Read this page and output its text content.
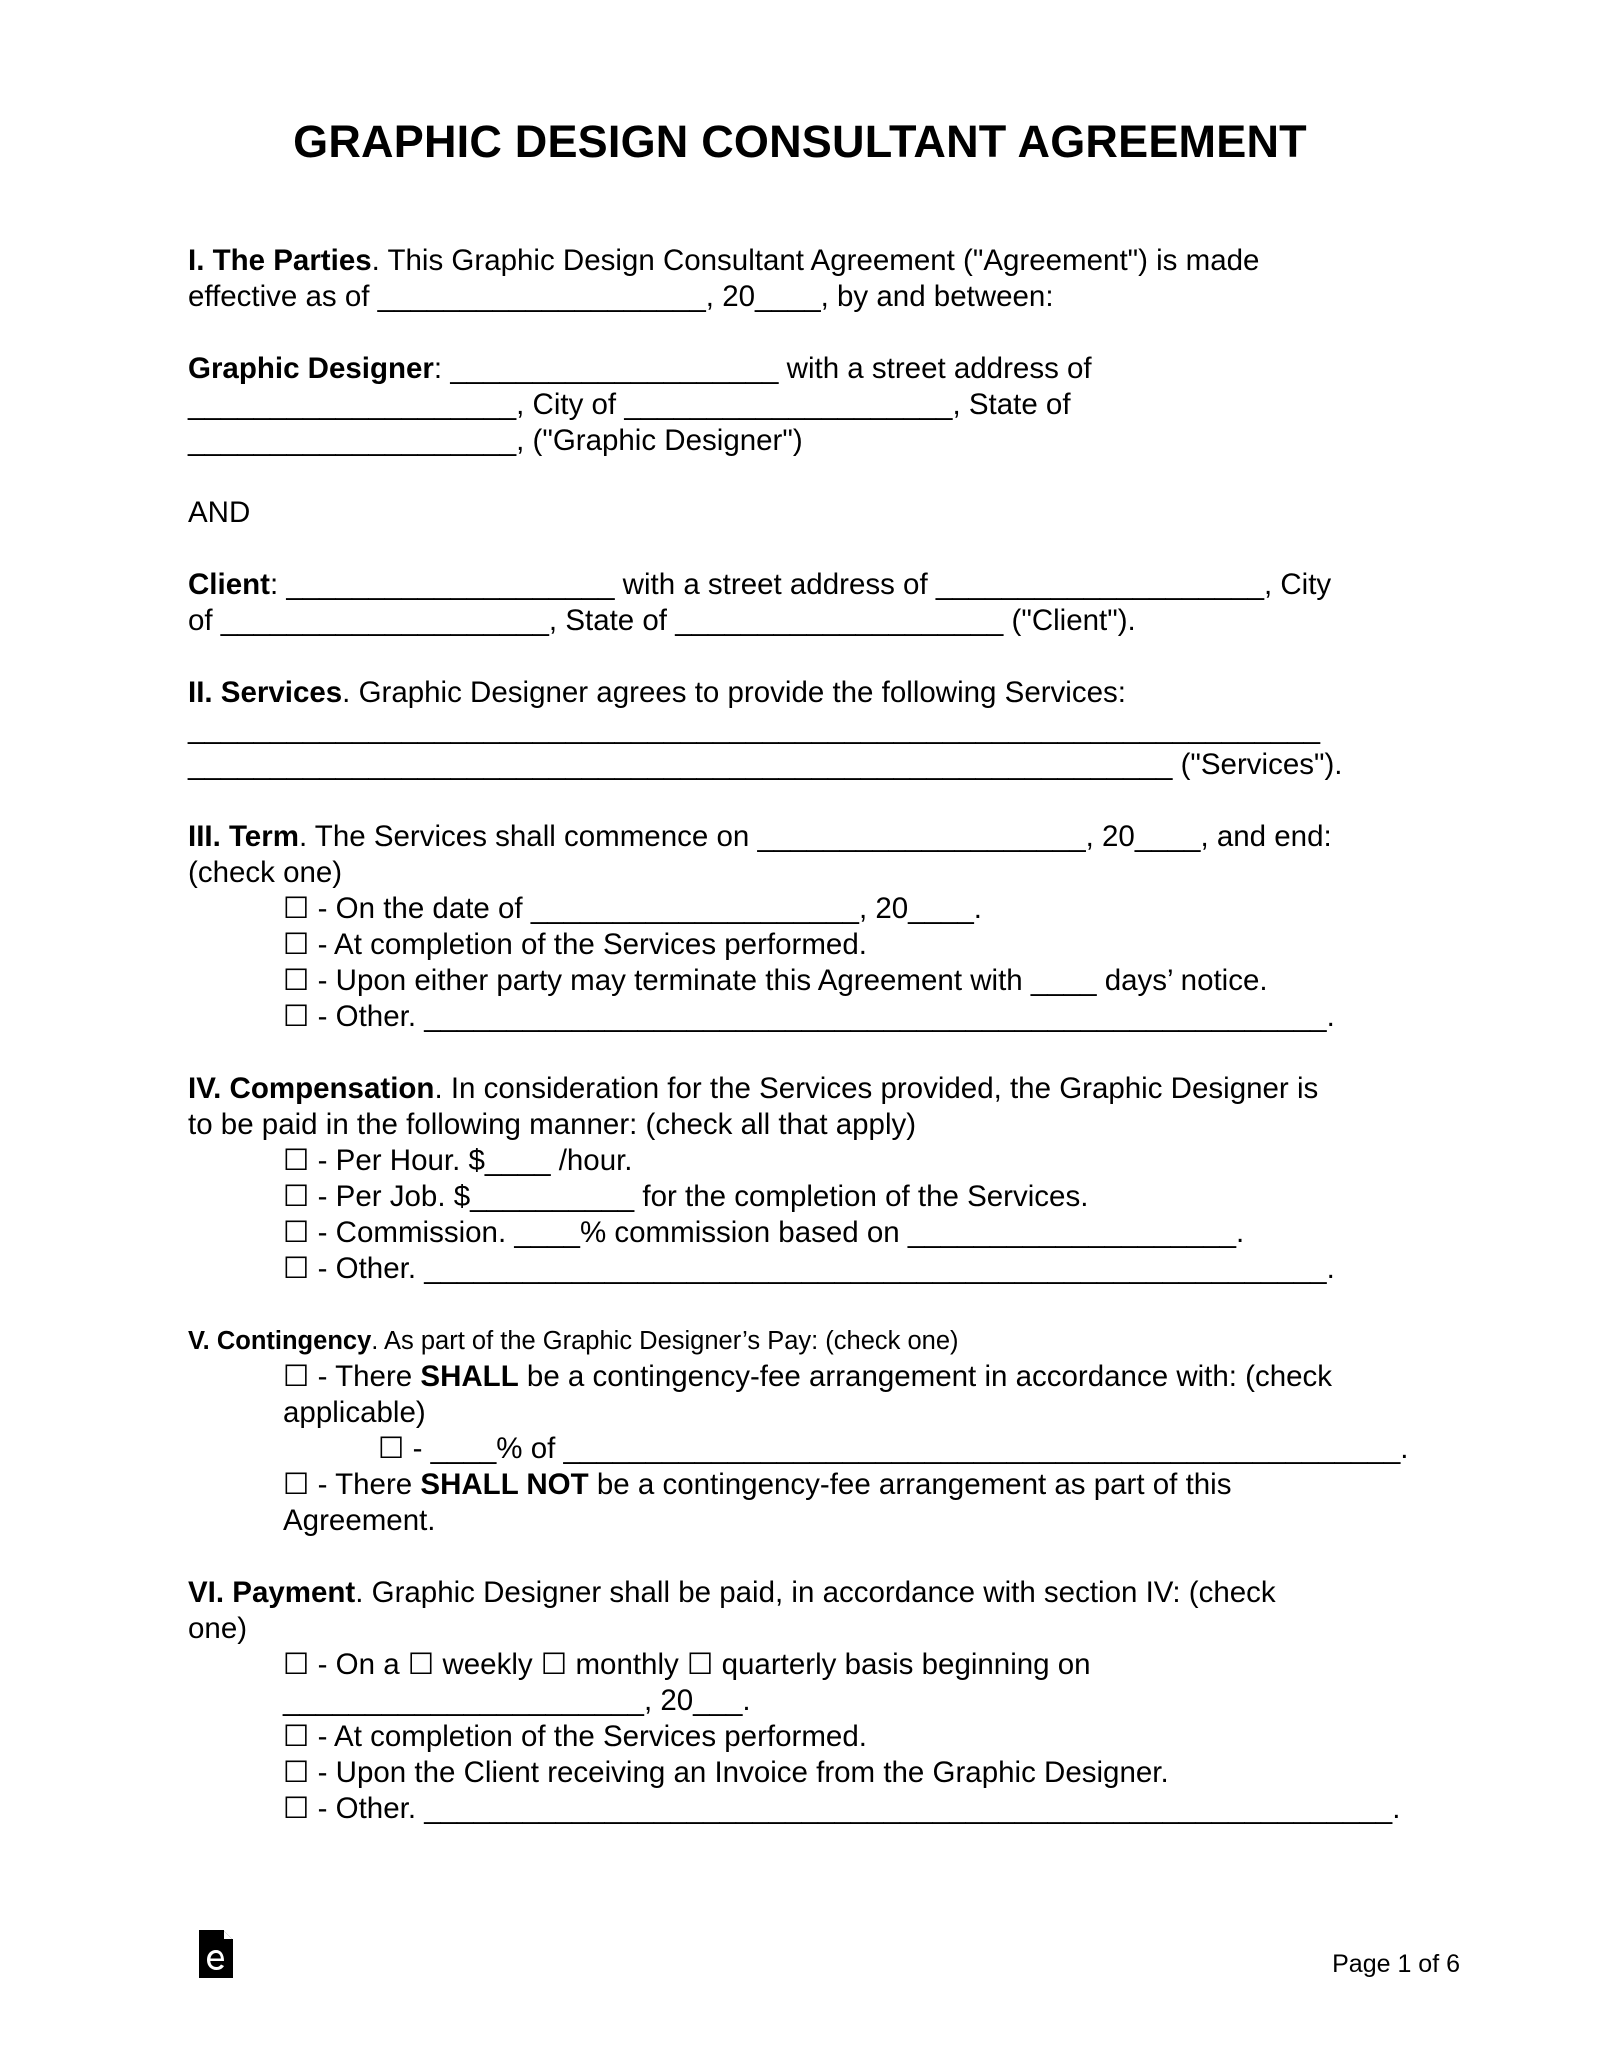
GRAPHIC DESIGN CONSULTANT AGREEMENT

I. The Parties. This Graphic Design Consultant Agreement ("Agreement") is made

effective as of ____________________, 20____, by and between:

Graphic Designer: ____________________ with a street address of

____________________, City of ____________________, State of

____________________, ("Graphic Designer")

AND

Client: ____________________ with a street address of ____________________, City

of ____________________, State of ____________________ ("Client").

II. Services. Graphic Designer agrees to provide the following Services:

_____________________________________________________________________

____________________________________________________________ ("Services").

III. Term. The Services shall commence on ____________________, 20____, and end:

(check one)

☐ - On the date of ____________________, 20____.

☐ - At completion of the Services performed.

☐ - Upon either party may terminate this Agreement with ____ days’ notice.

☐ - Other. _______________________________________________________.

IV. Compensation. In consideration for the Services provided, the Graphic Designer is

to be paid in the following manner: (check all that apply)

☐ - Per Hour. $____ /hour.

☐ - Per Job. $__________ for the completion of the Services.

☐ - Commission. ____% commission based on ____________________.

☐ - Other. _______________________________________________________.

V. Contingency. As part of the Graphic Designer’s Pay: (check one)

☐ - There SHALL be a contingency-fee arrangement in accordance with: (check

applicable)

☐ - ____% of ___________________________________________________.

☐ - There SHALL NOT be a contingency-fee arrangement as part of this

Agreement.

VI. Payment. Graphic Designer shall be paid, in accordance with section IV: (check

one)

☐ - On a ☐ weekly ☐ monthly ☐ quarterly basis beginning on

______________________, 20___.

☐ - At completion of the Services performed.

☐ - Upon the Client receiving an Invoice from the Graphic Designer.

☐ - Other. ___________________________________________________________.

Page 1 of 6
